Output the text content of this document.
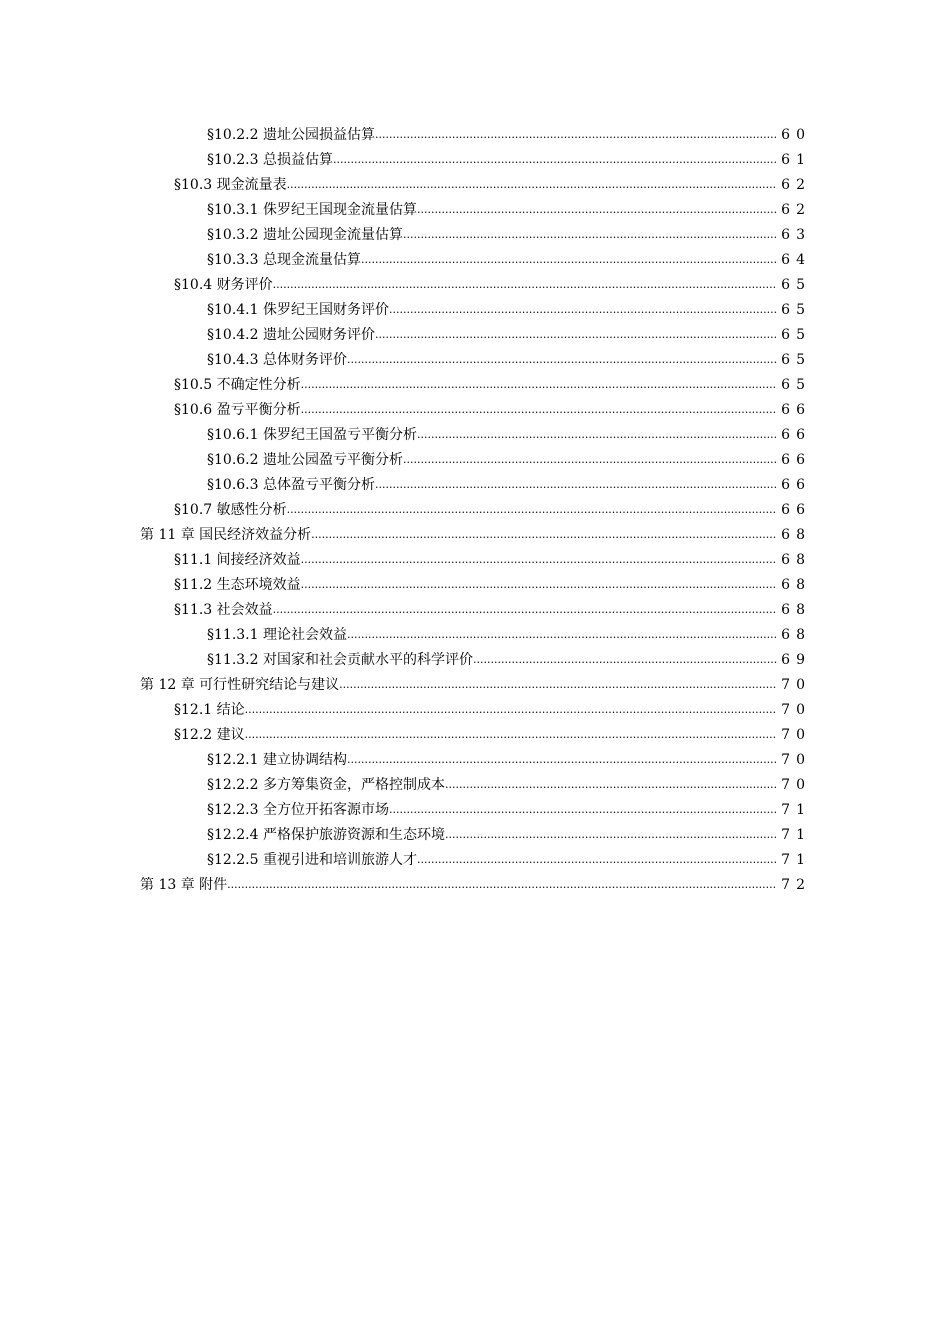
§10.2.2 遗址公园损益估算 .....	60
§10.2.3 总损益估算 .....	61
§10.3 现金流量表 .....	62
§10.3.1 侏罗纪王国现金流量估算 .....	62
§10.3.2 遗址公园现金流量估算 .....	63
§10.3.3 总现金流量估算 .....	64
§10.4 财务评价 .....	65
§10.4.1 侏罗纪王国财务评价 .....	65
§10.4.2 遗址公园财务评价 .....	65
§10.4.3 总体财务评价 .....	65
§10.5 不确定性分析 .....	65
§10.6 盈亏平衡分析 .....	66
§10.6.1 侏罗纪王国盈亏平衡分析 .....	66
§10.6.2 遗址公园盈亏平衡分析 .....	66
§10.6.3 总体盈亏平衡分析 .....	66
§10.7 敏感性分析 .....	66
第 11 章 国民经济效益分析 .....	68
§11.1 间接经济效益 .....	68
§11.2 生态环境效益 .....	68
§11.3 社会效益 .....	68
§11.3.1 理论社会效益 .....	68
§11.3.2 对国家和社会贡献水平的科学评价 .....	69
第 12 章 可行性研究结论与建议 .....	70
§12.1 结论 .....	70
§12.2 建议 .....	70
§12.2.1 建立协调结构 .....	70
§12.2.2 多方筹集资金，严格控制成本 .....	70
§12.2.3 全方位开拓客源市场 .....	71
§12.2.4 严格保护旅游资源和生态环境 .....	71
§12.2.5 重视引进和培训旅游人才 .....	71
第 13 章 附件 .....	72
